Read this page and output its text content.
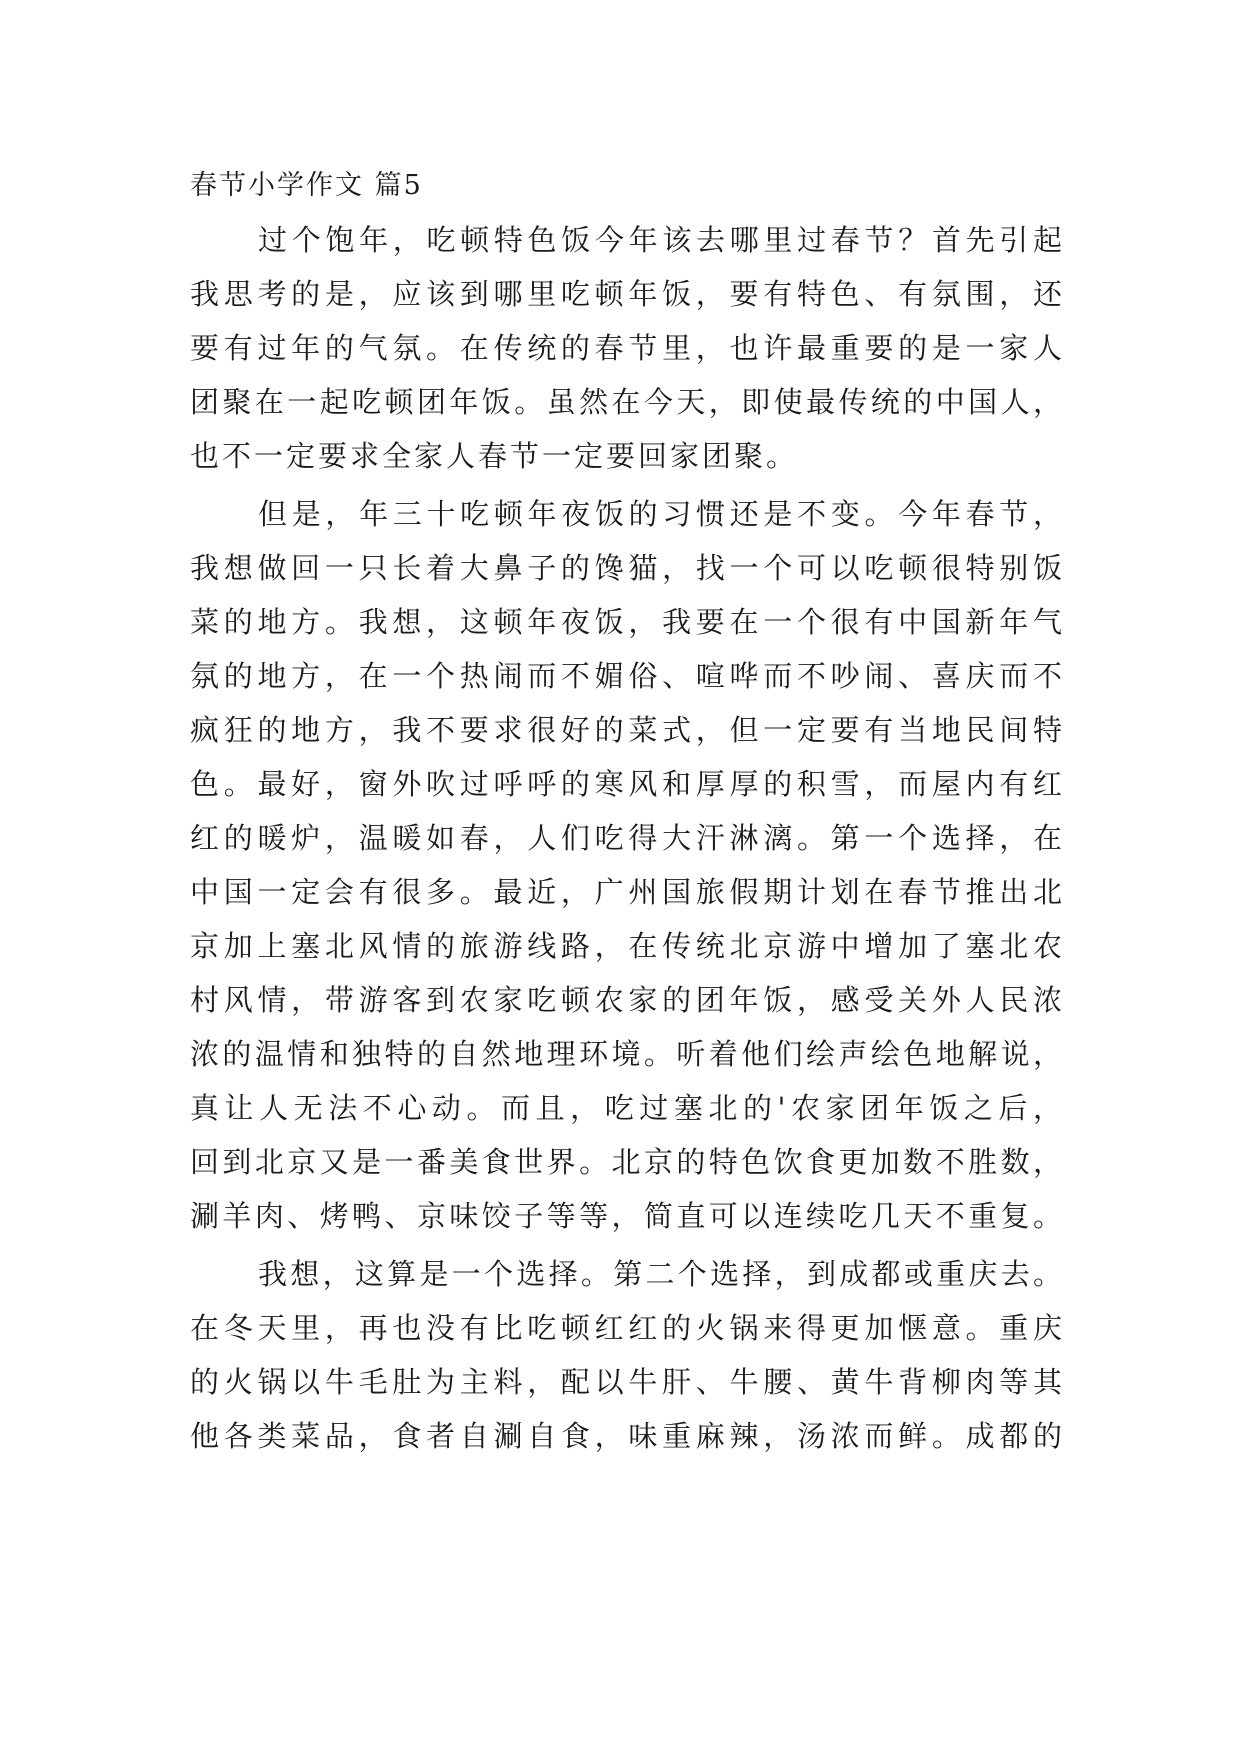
春节小学作文 篇5
过个饱年，吃顿特色饭今年该去哪里过春节？首先引起
我思考的是，应该到哪里吃顿年饭，要有特色、有氛围，还
要有过年的气氛。在传统的春节里，也许最重要的是一家人
团聚在一起吃顿团年饭。虽然在今天，即使最传统的中国人，
也不一定要求全家人春节一定要回家团聚。
但是，年三十吃顿年夜饭的习惯还是不变。今年春节，
我想做回一只长着大鼻子的馋猫，找一个可以吃顿很特别饭
菜的地方。我想，这顿年夜饭，我要在一个很有中国新年气
氛的地方，在一个热闹而不媚俗、喧哗而不吵闹、喜庆而不
疯狂的地方，我不要求很好的菜式，但一定要有当地民间特
色。最好，窗外吹过呼呼的寒风和厚厚的积雪，而屋内有红
红的暖炉，温暖如春，人们吃得大汗淋漓。第一个选择，在
中国一定会有很多。最近，广州国旅假期计划在春节推出北
京加上塞北风情的旅游线路，在传统北京游中增加了塞北农
村风情，带游客到农家吃顿农家的团年饭，感受关外人民浓
浓的温情和独特的自然地理环境。听着他们绘声绘色地解说，
真让人无法不心动。而且，吃过塞北的'农家团年饭之后，
回到北京又是一番美食世界。北京的特色饮食更加数不胜数，
涮羊肉、烤鸭、京味饺子等等，简直可以连续吃几天不重复。
我想，这算是一个选择。第二个选择，到成都或重庆去。
在冬天里，再也没有比吃顿红红的火锅来得更加惬意。重庆
的火锅以牛毛肚为主料，配以牛肝、牛腰、黄牛背柳肉等其
他各类菜品，食者自涮自食，味重麻辣，汤浓而鲜。成都的
